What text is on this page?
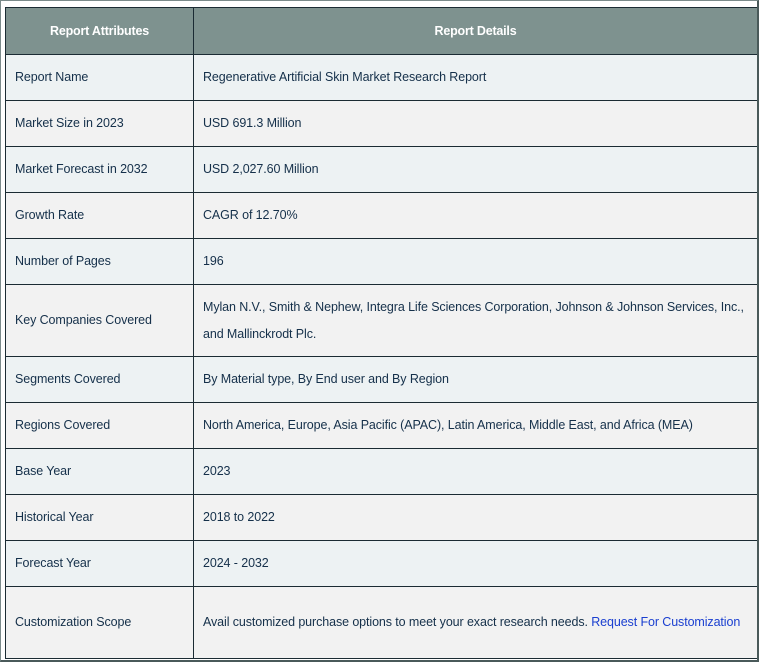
Report Attributes	Report Details
Report Name	Regenerative Artificial Skin Market Research Report
Market Size in 2023	USD 691.3 Million
Market Forecast in 2032	USD 2,027.60 Million
Growth Rate	CAGR of 12.70%
Number of Pages	196
Key Companies Covered	Mylan N.V., Smith & Nephew, Integra Life Sciences Corporation, Johnson & Johnson Services, Inc., and Mallinckrodt Plc.
Segments Covered	By Material type, By End user and By Region
Regions Covered	North America, Europe, Asia Pacific (APAC), Latin America, Middle East, and Africa (MEA)
Base Year	2023
Historical Year	2018 to 2022
Forecast Year	2024 - 2032
Customization Scope	Avail customized purchase options to meet your exact research needs. Request For Customization
